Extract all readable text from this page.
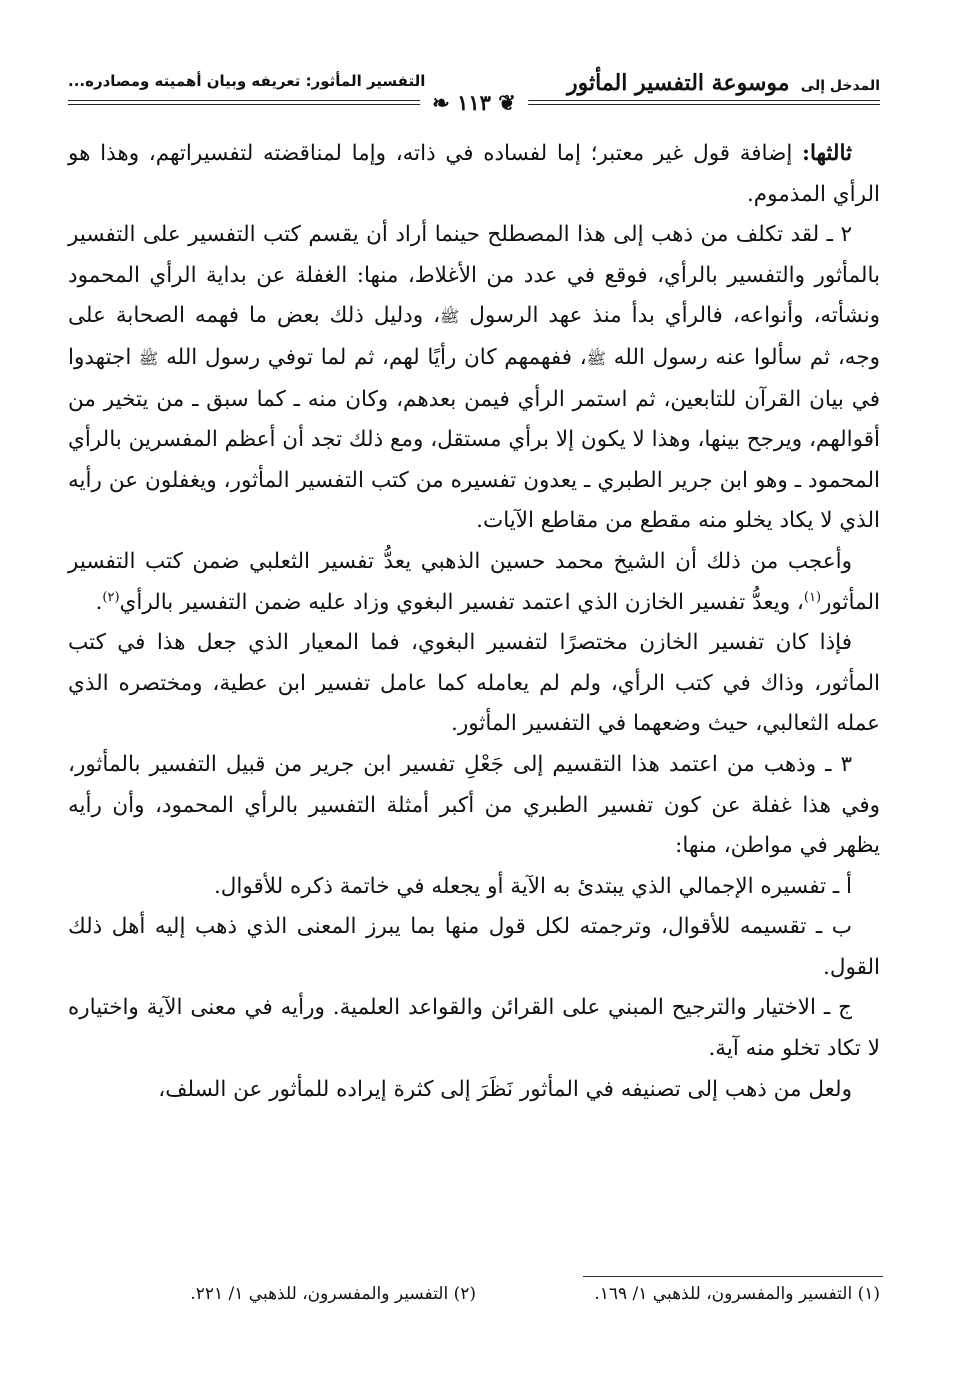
المدخل إلى موسوعة التفسير المأثور
التفسير المأثور: تعريفه وبيان أهميته ومصادره...
❦ ١١٣ ❧

ثالثها: إضافة قول غير معتبر؛ إما لفساده في ذاته، وإما لمناقضته لتفسيراتهم، وهذا هو الرأي المذموم.

٢ ـ لقد تكلف من ذهب إلى هذا المصطلح حينما أراد أن يقسم كتب التفسير على التفسير بالمأثور والتفسير بالرأي، فوقع في عدد من الأغلاط، منها: الغفلة عن بداية الرأي المحمود ونشأته، وأنواعه، فالرأي بدأ منذ عهد الرسول ﷺ، ودليل ذلك بعض ما فهمه الصحابة على وجه، ثم سألوا عنه رسول الله ﷺ، ففهمهم كان رأيًا لهم، ثم لما توفي رسول الله ﷺ اجتهدوا في بيان القرآن للتابعين، ثم استمر الرأي فيمن بعدهم، وكان منه ـ كما سبق ـ من يتخير من أقوالهم، ويرجح بينها، وهذا لا يكون إلا برأي مستقل، ومع ذلك تجد أن أعظم المفسرين بالرأي المحمود ـ وهو ابن جرير الطبري ـ يعدون تفسيره من كتب التفسير المأثور، ويغفلون عن رأيه الذي لا يكاد يخلو منه مقطع من مقاطع الآيات.

وأعجب من ذلك أن الشيخ محمد حسين الذهبي يعدُّ تفسير الثعلبي ضمن كتب التفسير المأثور$^{(١)}$، ويعدُّ تفسير الخازن الذي اعتمد تفسير البغوي وزاد عليه ضمن التفسير بالرأي$^{(٢)}$.

فإذا كان تفسير الخازن مختصرًا لتفسير البغوي، فما المعيار الذي جعل هذا في كتب المأثور، وذاك في كتب الرأي، ولم لم يعامله كما عامل تفسير ابن عطية، ومختصره الذي عمله الثعالبي، حيث وضعهما في التفسير المأثور.

٣ ـ وذهب من اعتمد هذا التقسيم إلى جَعْلِ تفسير ابن جرير من قبيل التفسير بالمأثور، وفي هذا غفلة عن كون تفسير الطبري من أكبر أمثلة التفسير بالرأي المحمود، وأن رأيه يظهر في مواطن، منها:

أ ـ تفسيره الإجمالي الذي يبتدئ به الآية أو يجعله في خاتمة ذكره للأقوال.

ب ـ تقسيمه للأقوال، وترجمته لكل قول منها بما يبرز المعنى الذي ذهب إليه أهل ذلك القول.

ج ـ الاختيار والترجيح المبني على القرائن والقواعد العلمية. ورأيه في معنى الآية واختياره لا تكاد تخلو منه آية.

ولعل من ذهب إلى تصنيفه في المأثور نَظَرَ إلى كثرة إيراده للمأثور عن السلف،

(١) التفسير والمفسرون، للذهبي ١/ ١٦٩.
(٢) التفسير والمفسرون، للذهبي ١/ ٢٢١.
